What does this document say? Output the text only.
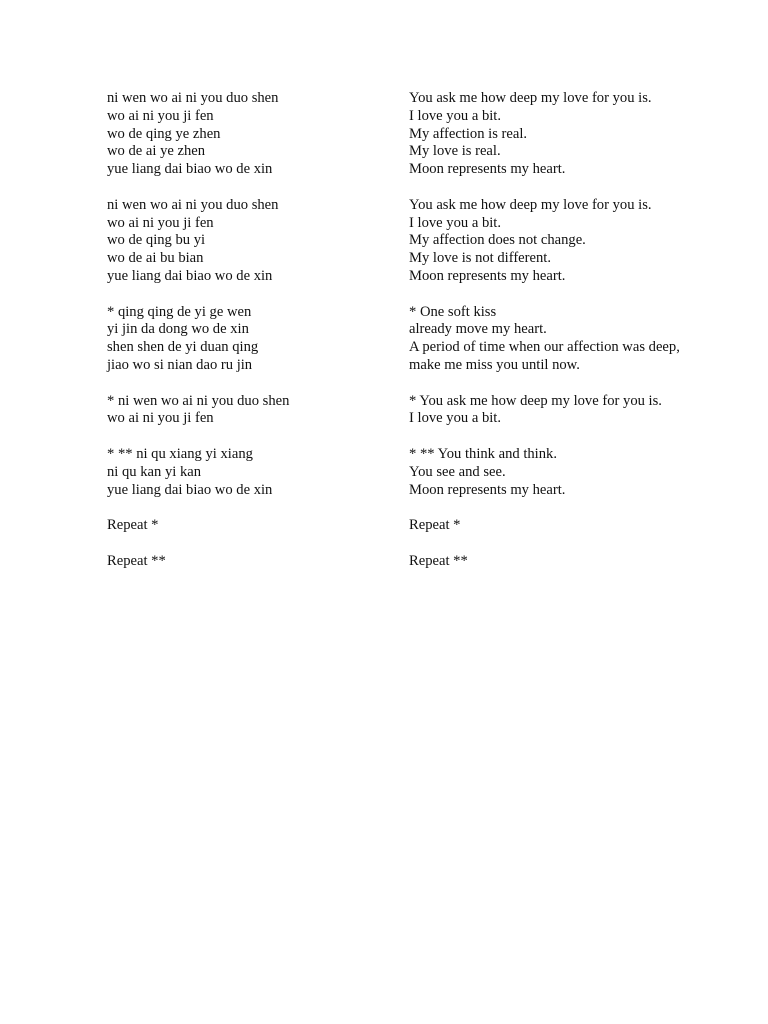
ni wen wo ai ni you duo shen
wo ai ni you ji fen
wo de qing ye zhen
wo de ai ye zhen
yue liang dai biao wo de xin
ni wen wo ai ni you duo shen
wo ai ni you ji fen
wo de qing bu yi
wo de ai bu bian
yue liang dai biao wo de xin
* qing qing de yi ge wen
yi jin da dong wo de xin
shen shen de yi duan qing
jiao wo si nian dao ru jin
* ni wen wo ai ni you duo shen
wo ai ni you ji fen
* ** ni qu xiang yi xiang
ni qu kan yi kan
yue liang dai biao wo de xin
Repeat *
Repeat **
You ask me how deep my love for you is.
I love you a bit.
My affection is real.
My love is real.
Moon represents my heart.
You ask me how deep my love for you is.
I love you a bit.
My affection does not change.
My love is not different.
Moon represents my heart.
* One soft kiss
already move my heart.
A period of time when our affection was deep,
make me miss you until now.
* You ask me how deep my love for you is.
I love you a bit.
* ** You think and think.
You see and see.
Moon represents my heart.
Repeat *
Repeat **
